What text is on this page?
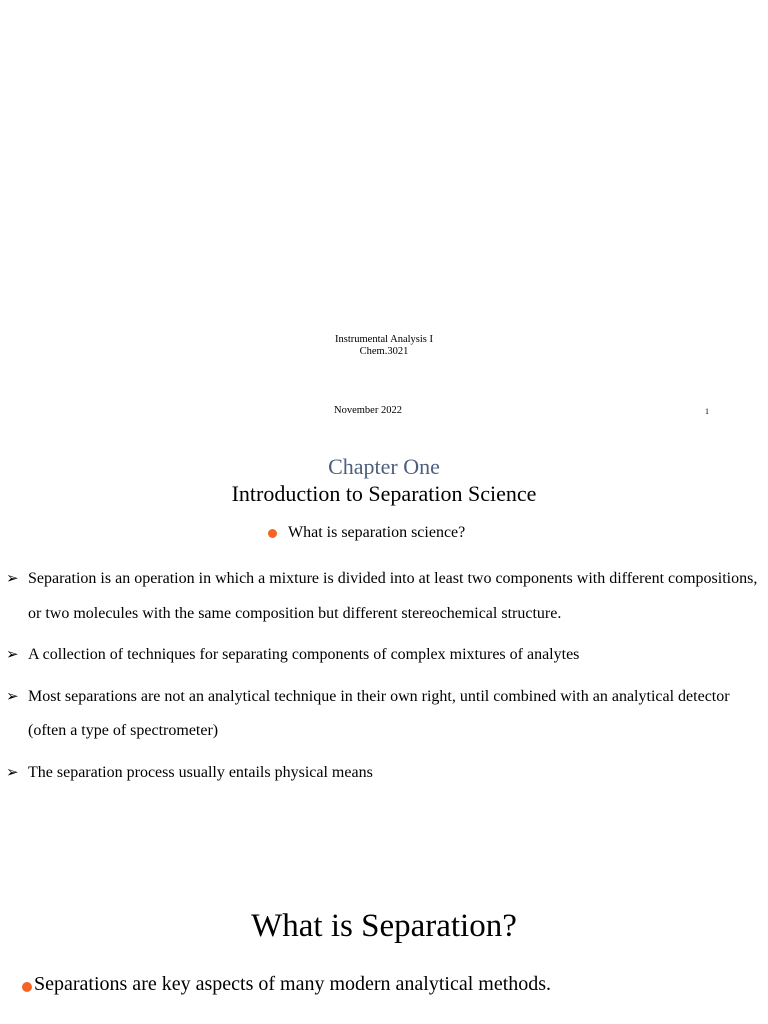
Instrumental Analysis I
Chem.3021
November 2022	1
Chapter One
Introduction to Separation Science
What is separation science?
➢ Separation is an operation in which a mixture is divided into at least two components with different compositions, or two molecules with the same composition but different stereochemical structure.
➢ A collection of techniques for separating components of complex mixtures of analytes
➢ Most separations are not an analytical technique in their own right, until combined with an analytical detector (often a type of spectrometer)
➢ The separation process usually entails physical means
What is Separation?
Separations are key aspects of many modern analytical methods.
